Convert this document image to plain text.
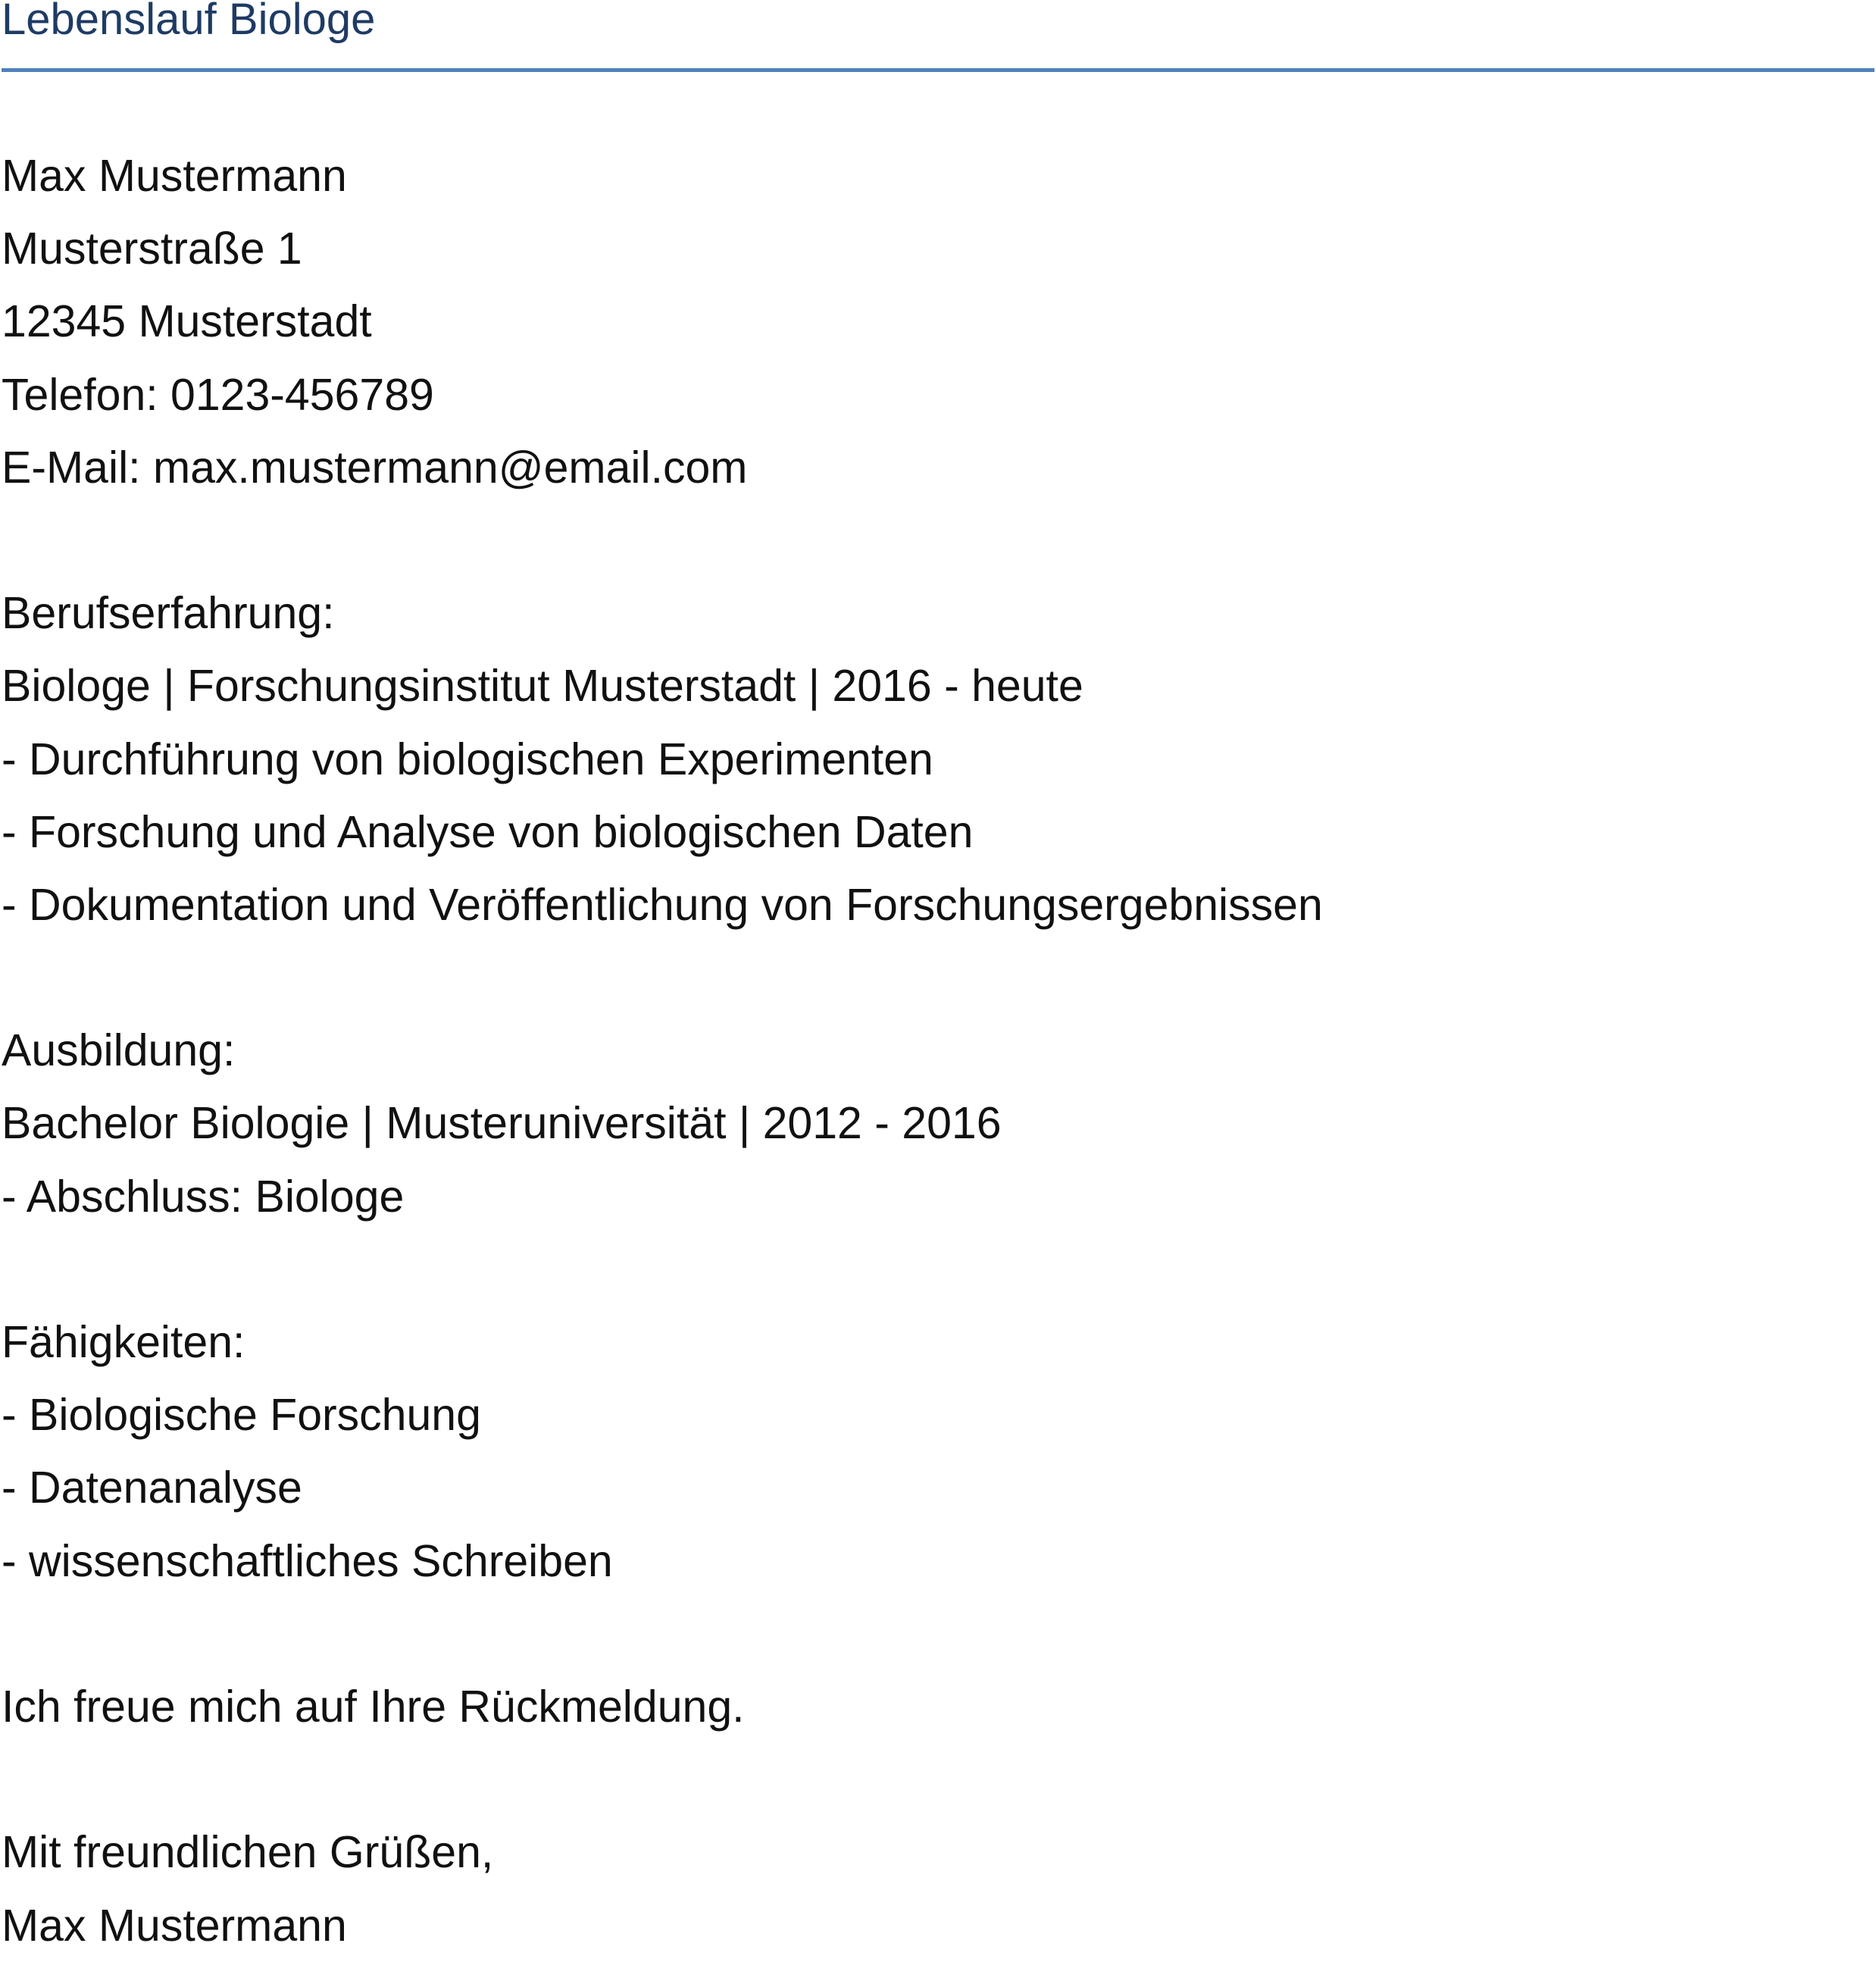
Lebenslauf Biologe
Max Mustermann
Musterstraße 1
12345 Musterstadt
Telefon: 0123-456789
E-Mail: max.mustermann@email.com
Berufserfahrung:
Biologe | Forschungsinstitut Musterstadt | 2016 - heute
- Durchführung von biologischen Experimenten
- Forschung und Analyse von biologischen Daten
- Dokumentation und Veröffentlichung von Forschungsergebnissen
Ausbildung:
Bachelor Biologie | Musteruniversität | 2012 - 2016
- Abschluss: Biologe
Fähigkeiten:
- Biologische Forschung
- Datenanalyse
- wissenschaftliches Schreiben
Ich freue mich auf Ihre Rückmeldung.
Mit freundlichen Grüßen,
Max Mustermann
